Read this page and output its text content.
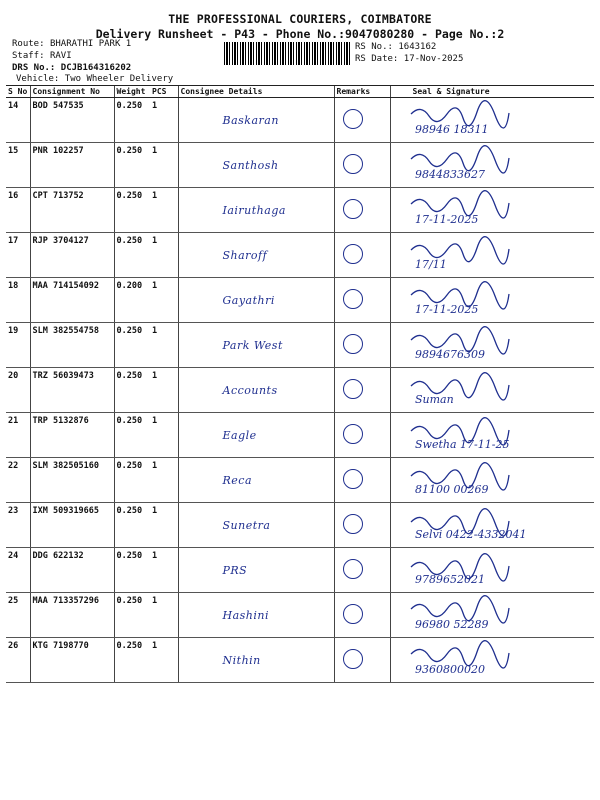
THE PROFESSIONAL COURIERS, COIMBATORE
Delivery Runsheet - P43 - Phone No.:9047080280 - Page No.:2
Route: BHARATHI PARK 1
Staff: RAVI
DRS No.: DCJB164316202
Vehicle: Two Wheeler Delivery
RS No.: 1643162
RS Date: 17-Nov-2025
S No	Consignment No	Weight	PCS	Consignee Details	Remarks	Seal & Signature
14	BOD 547535	0.250	1	Baskaran		98946 18311

15	PNR 102257	0.250	1	Santhosh		9844833627

16	CPT 713752	0.250	1	Iairuthaga		17-11-2025

17	RJP 3704127	0.250	1	Sharoff		17/11

18	MAA 714154092	0.200	1	Gayathri		17-11-2025

19	SLM 382554758	0.250	1	Park West		9894676309

20	TRZ 56039473	0.250	1	Accounts		Suman

21	TRP 5132876	0.250	1	Eagle		Swetha 17-11-25

22	SLM 382505160	0.250	1	Reca		81100 00269

23	IXM 509319665	0.250	1	Sunetra		Selvi 0422-4332041

24	DDG 622132	0.250	1	PRS		9789652021

25	MAA 713357296	0.250	1	Hashini		96980 52289

26	KTG 7198770	0.250	1	Nithin		9360800020
